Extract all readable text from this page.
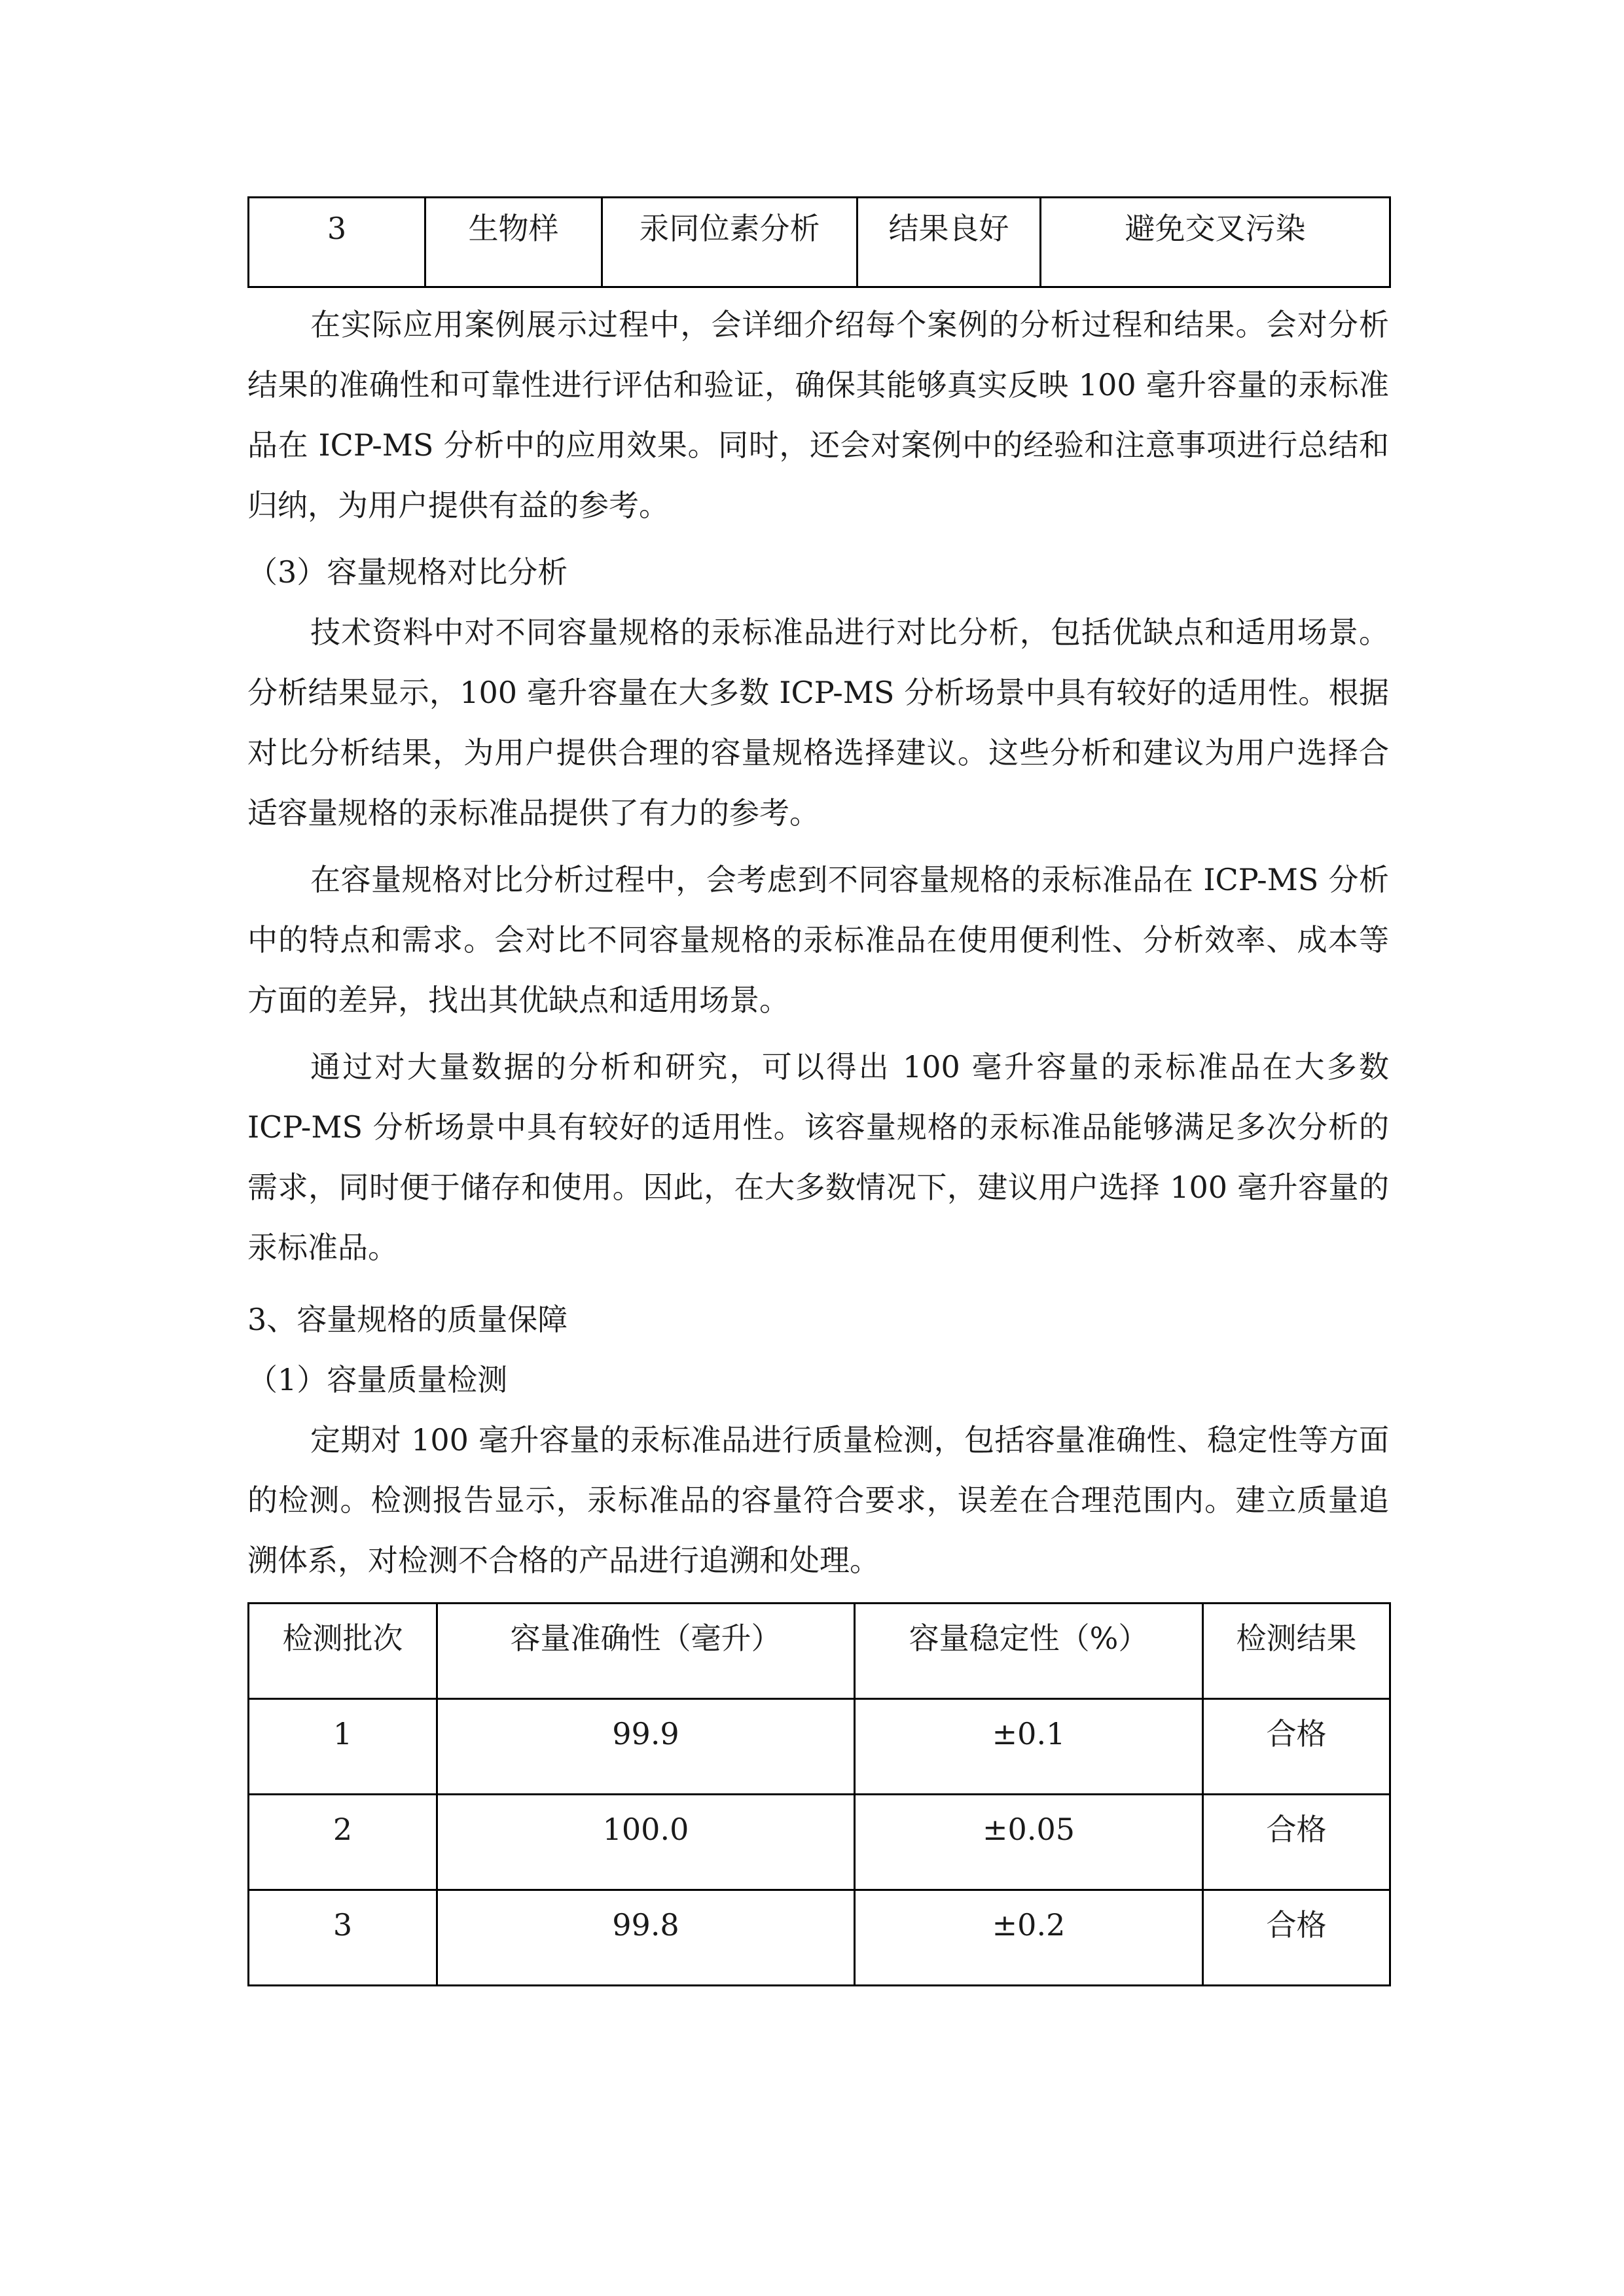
3	生物样	汞同位素分析	结果良好	避免交叉污染

在实际应用案例展示过程中，会详细介绍每个案例的分析过程和结果。会对分析结果的准确性和可靠性进行评估和验证，确保其能够真实反映 100 毫升容量的汞标准品在 ICP-MS 分析中的应用效果。同时，还会对案例中的经验和注意事项进行总结和归纳，为用户提供有益的参考。

（3）容量规格对比分析

技术资料中对不同容量规格的汞标准品进行对比分析，包括优缺点和适用场景。分析结果显示，100 毫升容量在大多数 ICP-MS 分析场景中具有较好的适用性。根据对比分析结果，为用户提供合理的容量规格选择建议。这些分析和建议为用户选择合适容量规格的汞标准品提供了有力的参考。

在容量规格对比分析过程中，会考虑到不同容量规格的汞标准品在 ICP-MS 分析中的特点和需求。会对比不同容量规格的汞标准品在使用便利性、分析效率、成本等方面的差异，找出其优缺点和适用场景。

通过对大量数据的分析和研究，可以得出 100 毫升容量的汞标准品在大多数 ICP-MS 分析场景中具有较好的适用性。该容量规格的汞标准品能够满足多次分析的需求，同时便于储存和使用。因此，在大多数情况下，建议用户选择 100 毫升容量的汞标准品。

3、容量规格的质量保障

（1）容量质量检测

定期对 100 毫升容量的汞标准品进行质量检测，包括容量准确性、稳定性等方面的检测。检测报告显示，汞标准品的容量符合要求，误差在合理范围内。建立质量追溯体系，对检测不合格的产品进行追溯和处理。

检测批次	容量准确性（毫升）	容量稳定性（%）	检测结果
1	99.9	±0.1	合格
2	100.0	±0.05	合格
3	99.8	±0.2	合格
